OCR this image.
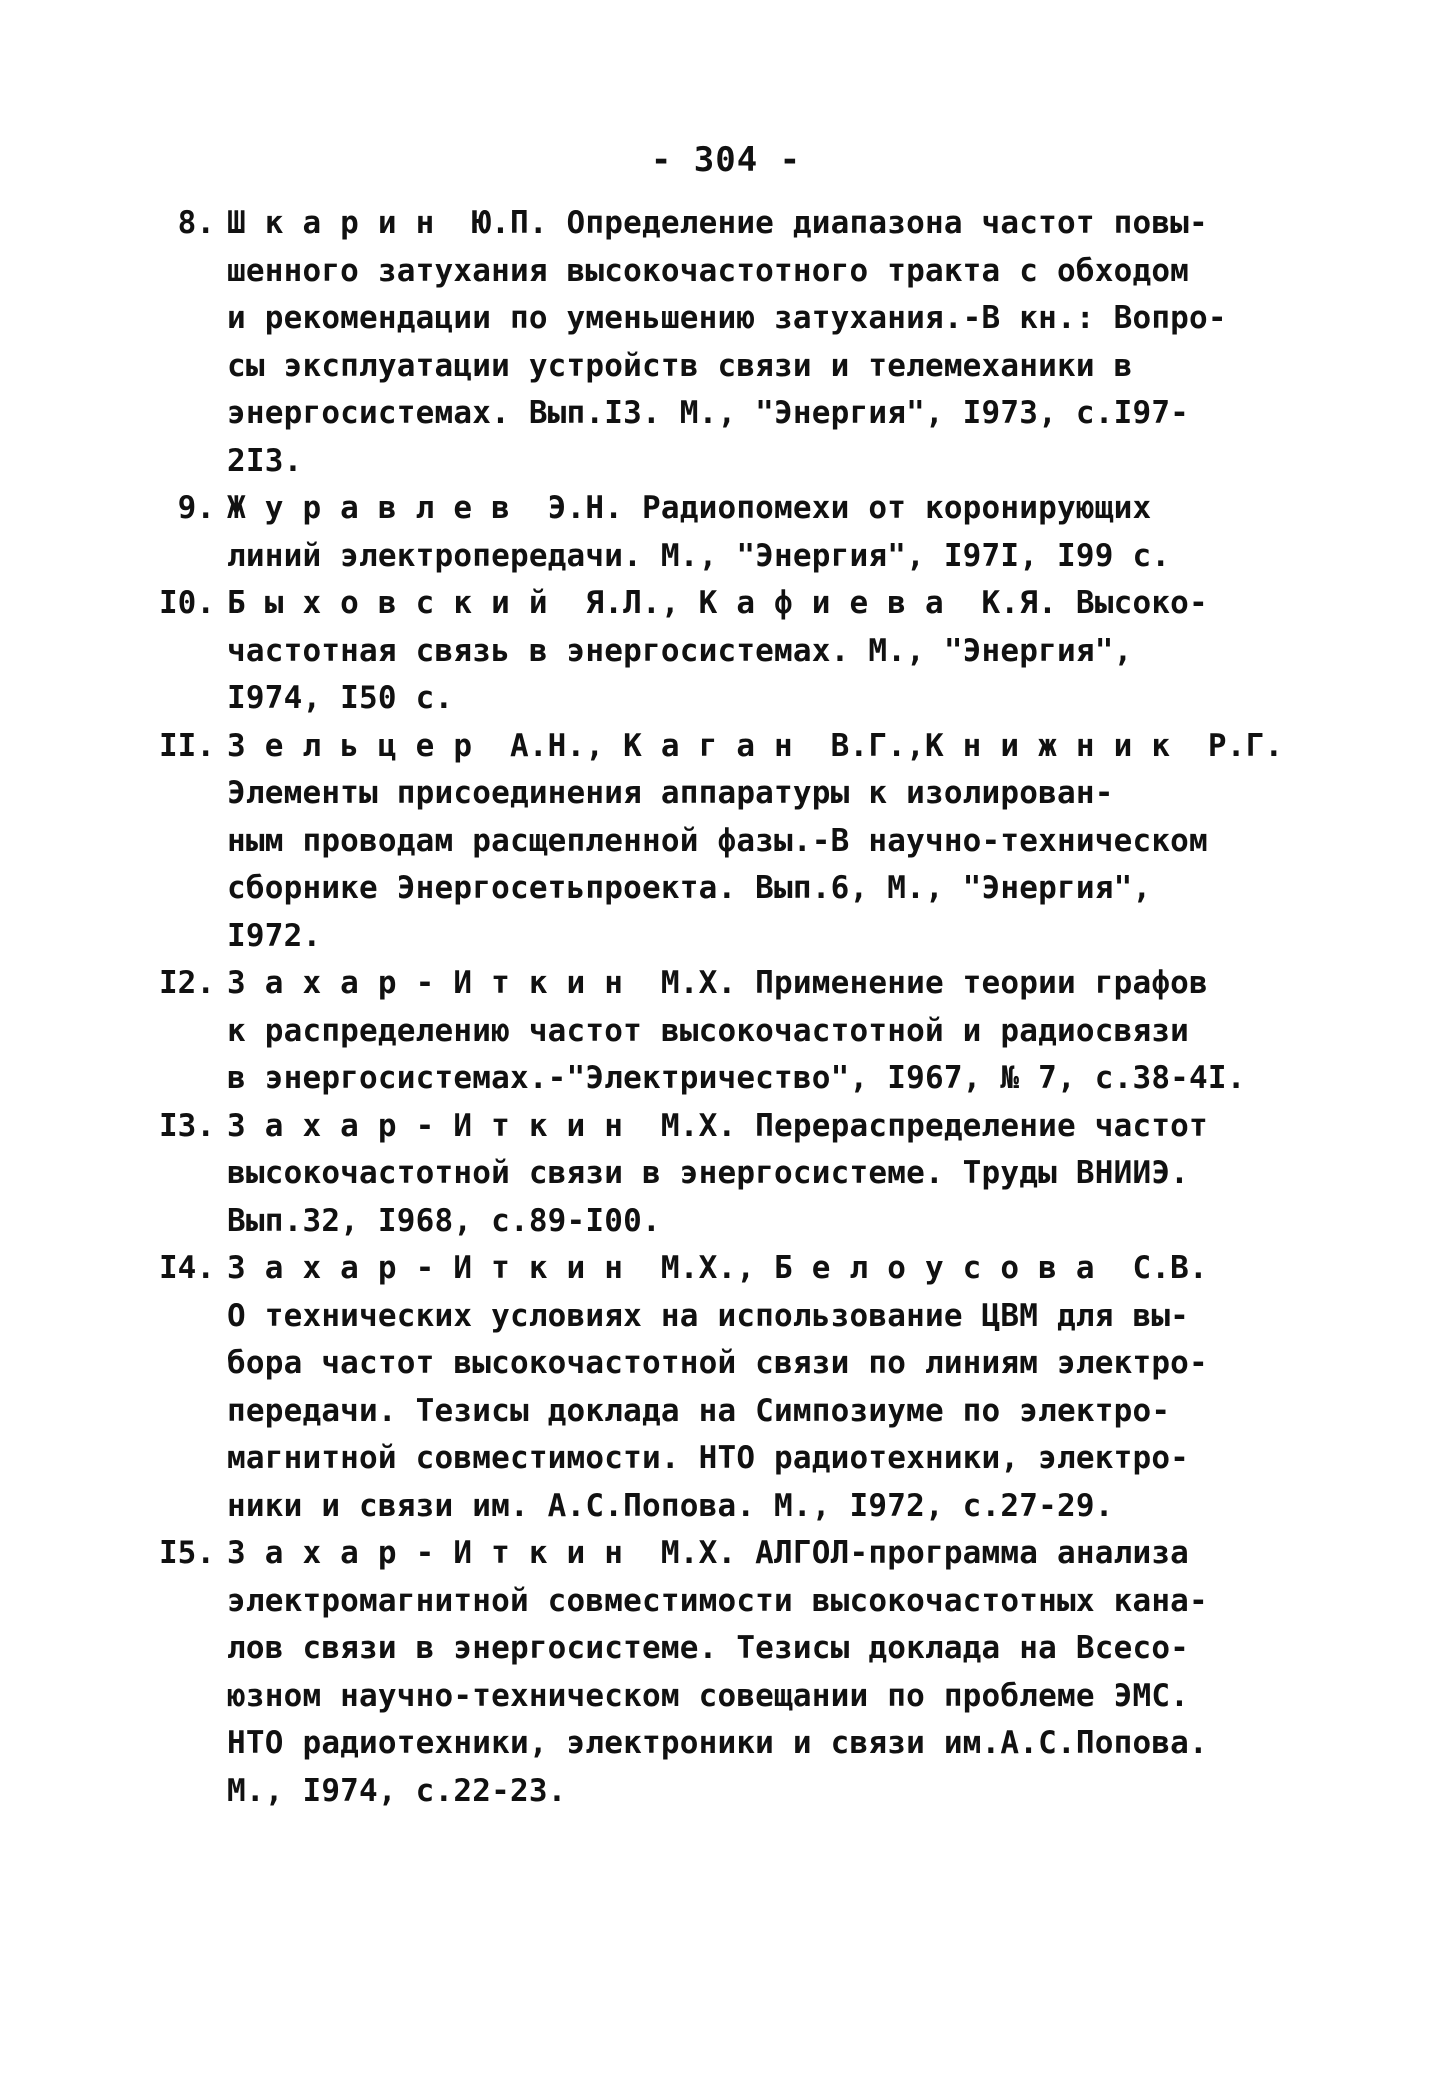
- 304 -
8. Ш к а р и н  Ю.П. Определение диапазона частот повы-
шенного затухания высокочастотного тракта с обходом
и рекомендации по уменьшению затухания.-В кн.: Вопро-
сы эксплуатации устройств связи и телемеханики в
энергосистемах. Вып.I3. М., "Энергия", I973, с.I97-
2I3.
9. Ж у р а в л е в  Э.Н. Радиопомехи от коронирующих
линий электропередачи. М., "Энергия", I97I, I99 с.
I0. Б ы х о в с к и й  Я.Л., К а ф и е в а  К.Я. Высоко-
частотная связь в энергосистемах. М., "Энергия",
I974, I50 с.
II. З е л ь ц е р  А.Н., К а г а н  В.Г.,К н и ж н и к  Р.Г.
Элементы присоединения аппаратуры к изолирован-
ным проводам расщепленной фазы.-В научно-техническом
сборнике Энергосетьпроекта. Вып.6, М., "Энергия",
I972.
I2. З а х а р - И т к и н  М.Х. Применение теории графов
к распределению частот высокочастотной и радиосвязи
в энергосистемах.-"Электричество", I967, № 7, с.38-4I.
I3. З а х а р - И т к и н  М.Х. Перераспределение частот
высокочастотной связи в энергосистеме. Труды ВНИИЭ.
Вып.32, I968, с.89-I00.
I4. З а х а р - И т к и н  М.Х., Б е л о у с о в а  С.В.
О технических условиях на использование ЦВМ для вы-
бора частот высокочастотной связи по линиям электро-
передачи. Тезисы доклада на Симпозиуме по электро-
магнитной совместимости. НТО радиотехники, электро-
ники и связи им. А.С.Попова. М., I972, с.27-29.
I5. З а х а р - И т к и н  М.Х. АЛГОЛ-программа анализа
электромагнитной совместимости высокочастотных кана-
лов связи в энергосистеме. Тезисы доклада на Всесо-
юзном научно-техническом совещании по проблеме ЭМС.
НТО радиотехники, электроники и связи им.А.С.Попова.
М., I974, с.22-23.
